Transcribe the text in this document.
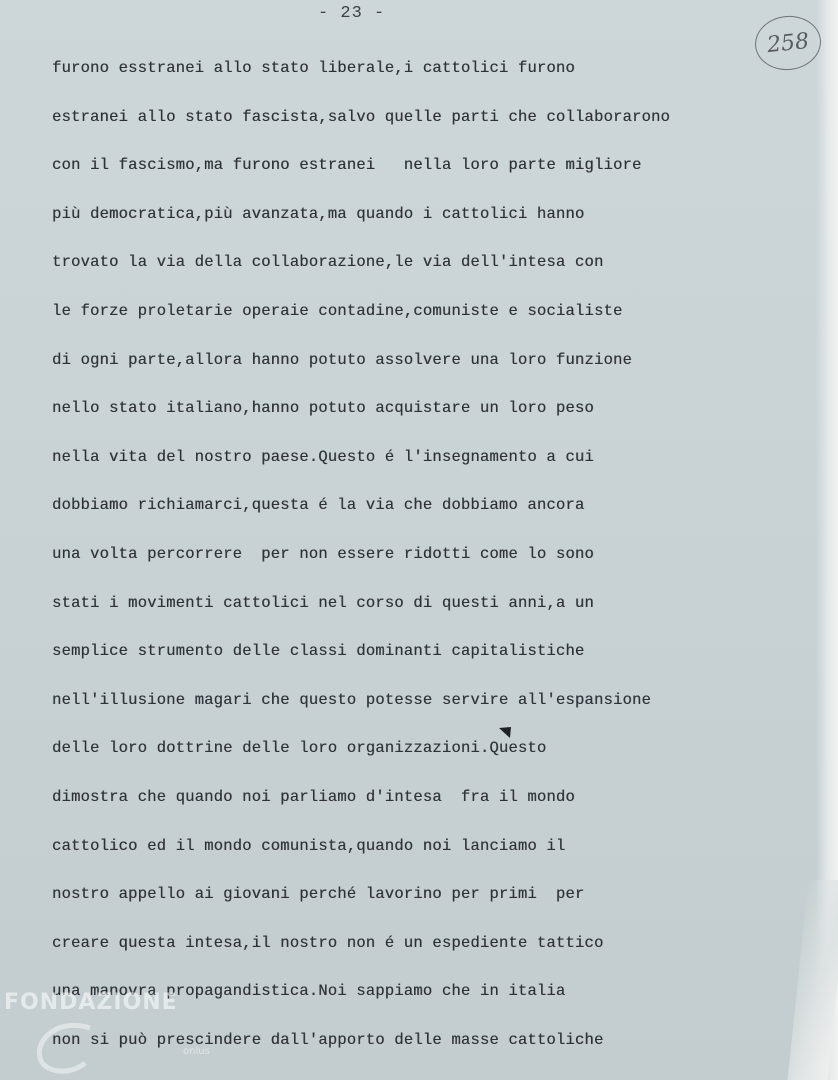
- 23 -
258
furono esstranei allo stato liberale,i cattolici furono
estranei allo stato fascista,salvo quelle parti che collaborarono
con il fascismo,ma furono estranei   nella loro parte migliore
più democratica,più avanzata,ma quando i cattolici hanno
trovato la via della collaborazione,le via dell'intesa con
le forze proletarie operaie contadine,comuniste e socialiste
di ogni parte,allora hanno potuto assolvere una loro funzione
nello stato italiano,hanno potuto acquistare un loro peso
nella vita del nostro paese.Questo é l'insegnamento a cui
dobbiamo richiamarci,questa é la via che dobbiamo ancora
una volta percorrere  per non essere ridotti come lo sono
stati i movimenti cattolici nel corso di questi anni,a un
semplice strumento delle classi dominanti capitalistiche
nell'illusione magari che questo potesse servire all'espansione
delle loro dottrine delle loro organizzazioni.Questo
dimostra che quando noi parliamo d'intesa  fra il mondo
cattolico ed il mondo comunista,quando noi lanciamo il
nostro appello ai giovani perché lavorino per primi  per
creare questa intesa,il nostro non é un espediente tattico
una manovra propagandistica.Noi sappiamo che in italia
non si può prescindere dall'apporto delle masse cattoliche
FONDAZIONE
onlus
